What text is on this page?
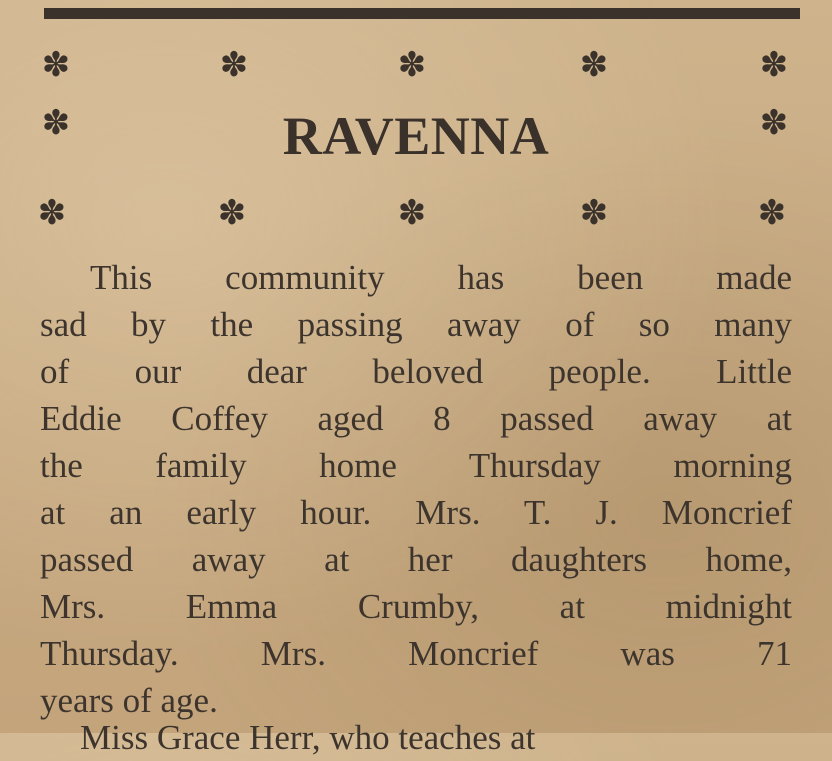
✽	✽	✽	✽	✽
✽	✽
RAVENNA
✽	✽	✽	✽	✽
This community has been made
sad by the passing away of so many
of our dear beloved people. Little
Eddie Coffey aged 8 passed away at
the family home Thursday morning
at an early hour. Mrs. T. J. Moncrief
passed away at her daughters home,
Mrs. Emma Crumby, at midnight
Thursday. Mrs. Moncrief was 71
years of age.
Miss Grace Herr, who teaches at
